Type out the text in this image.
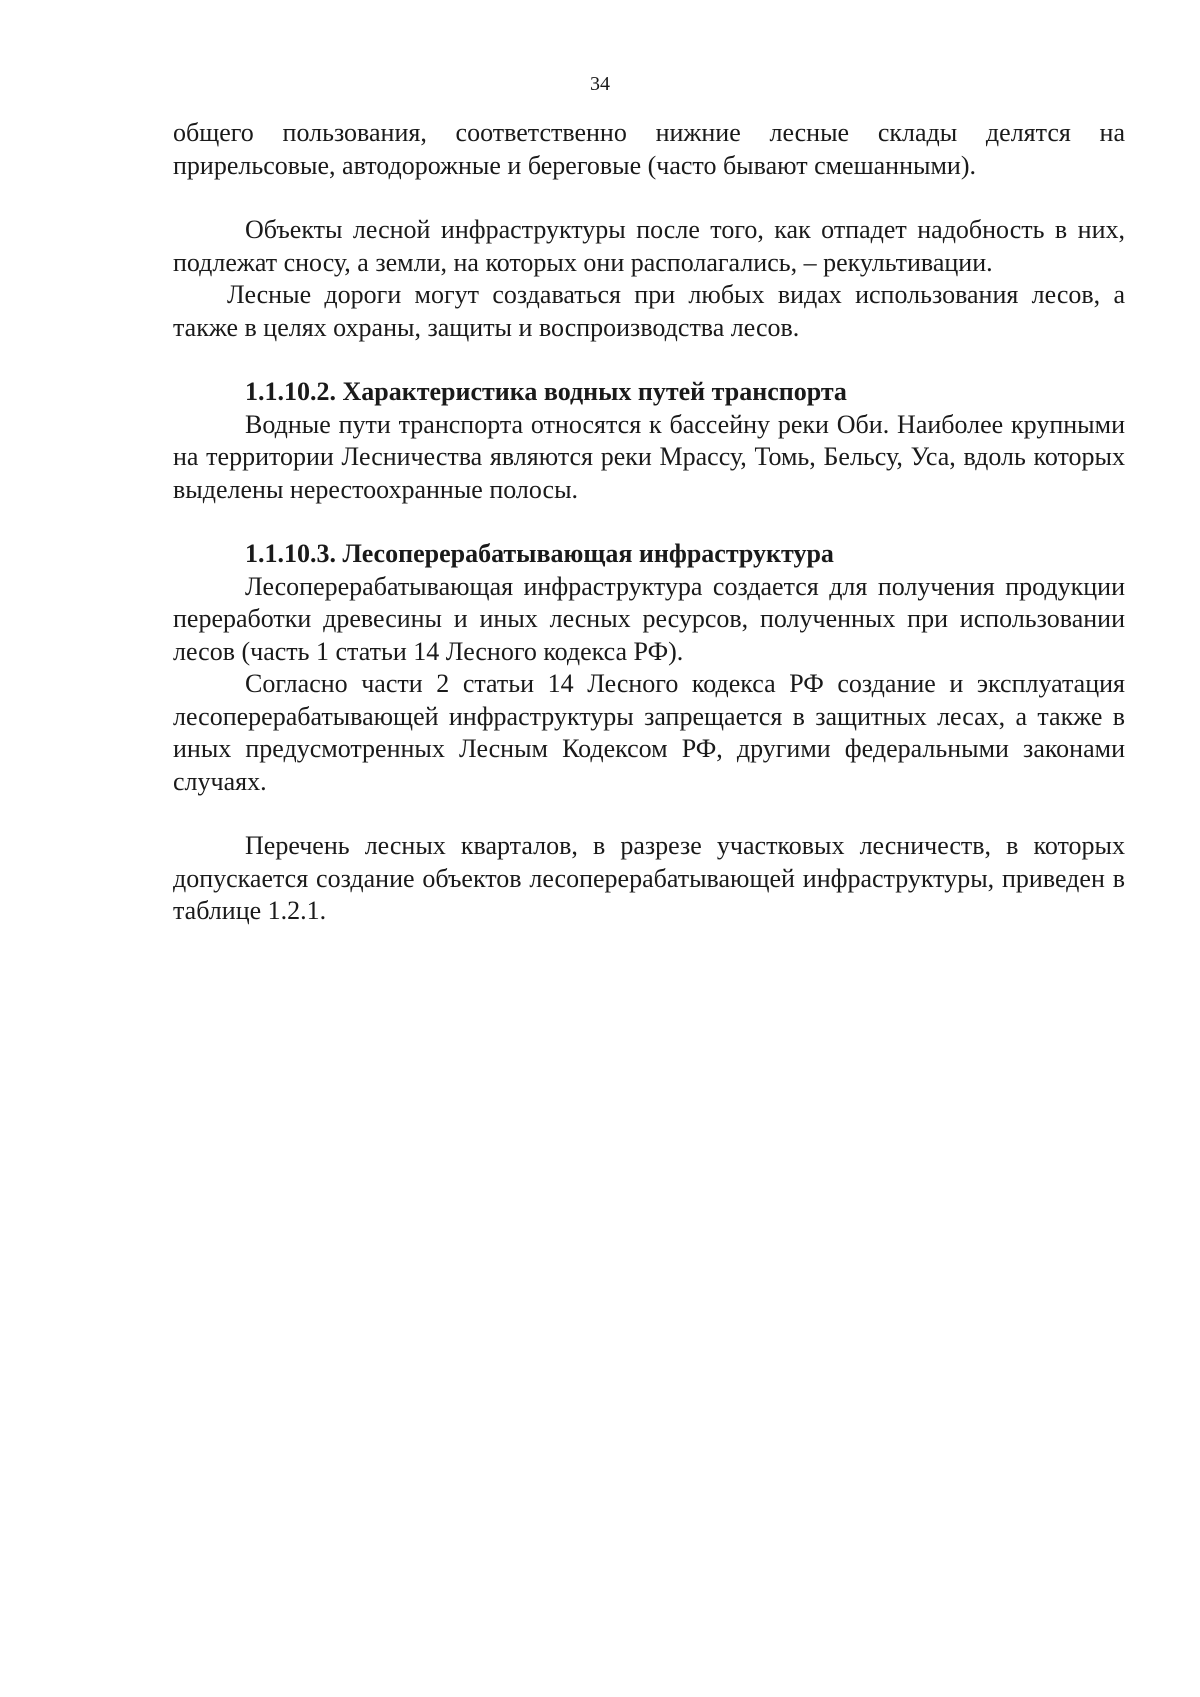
34

общего пользования, соответственно нижние лесные склады делятся на прирельсовые, автодорожные и береговые (часто бывают смешанными).

Объекты лесной инфраструктуры после того, как отпадет надобность в них, подлежат сносу, а земли, на которых они располагались, – рекультивации.

Лесные дороги могут создаваться при любых видах использования лесов, а также в целях охраны, защиты и воспроизводства лесов.

1.1.10.2. Характеристика водных путей транспорта

Водные пути транспорта относятся к бассейну реки Оби. Наиболее крупными на территории Лесничества являются реки Мрассу, Томь, Бельсу, Уса, вдоль которых выделены нерестоохранные полосы.

1.1.10.3. Лесоперерабатывающая инфраструктура

Лесоперерабатывающая инфраструктура создается для получения продукции переработки древесины и иных лесных ресурсов, полученных при использовании лесов (часть 1 статьи 14 Лесного кодекса РФ).

Согласно части 2 статьи 14 Лесного кодекса РФ создание и эксплуатация лесоперерабатывающей инфраструктуры запрещается в защитных лесах, а также в иных предусмотренных Лесным Кодексом РФ, другими федеральными законами случаях.

Перечень лесных кварталов, в разрезе участковых лесничеств, в которых допускается создание объектов лесоперерабатывающей инфраструктуры, приведен в таблице 1.2.1.
